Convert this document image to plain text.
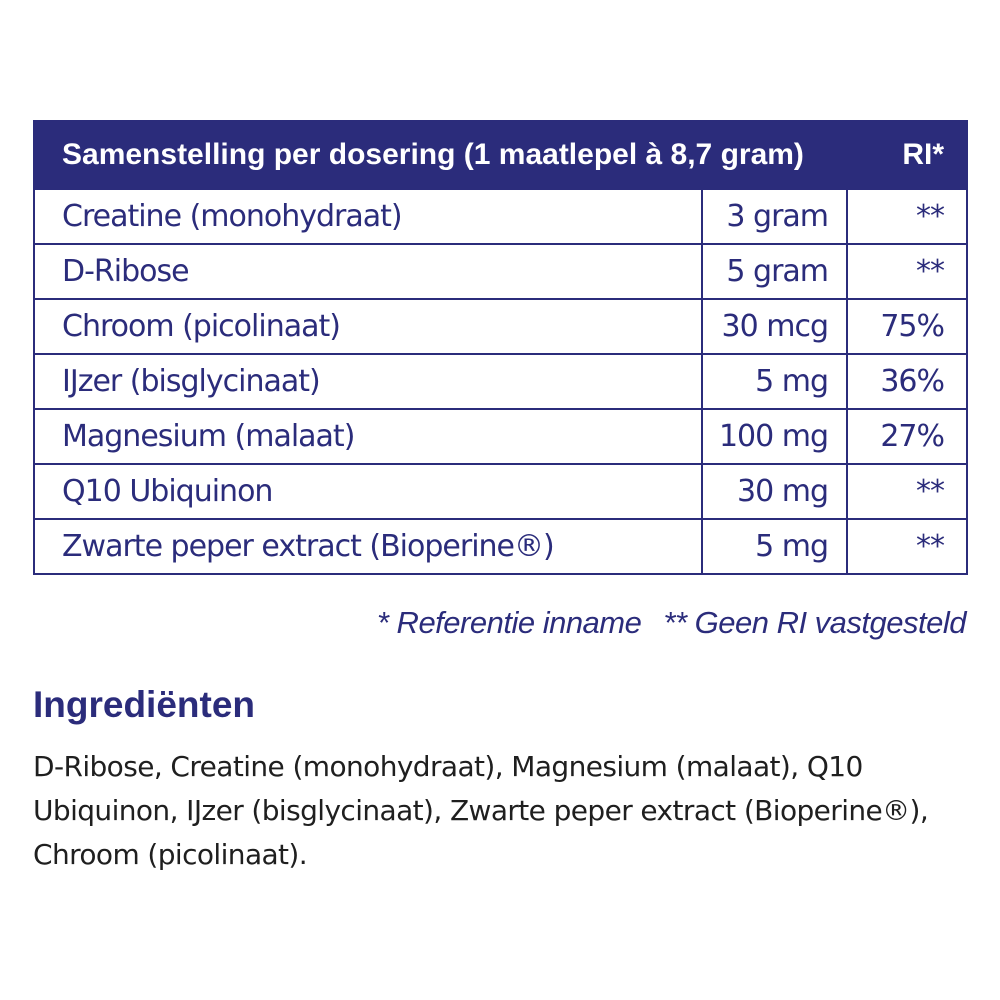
Samenstelling per dosering (1 maatlepel à 8,7 gram)		RI*
Creatine (monohydraat)	3 gram	**
D-Ribose	5 gram	**
Chroom (picolinaat)	30 mcg	75%
IJzer (bisglycinaat)	5 mg	36%
Magnesium (malaat)	100 mg	27%
Q10 Ubiquinon	30 mg	**
Zwarte peper extract (Bioperine®)	5 mg	**
* Referentie inname ** Geen RI vastgesteld
Ingrediënten

D-Ribose, Creatine (monohydraat), Magnesium (malaat), Q10 Ubiquinon, IJzer (bisglycinaat), Zwarte peper extract (Bioperine®), Chroom (picolinaat).
